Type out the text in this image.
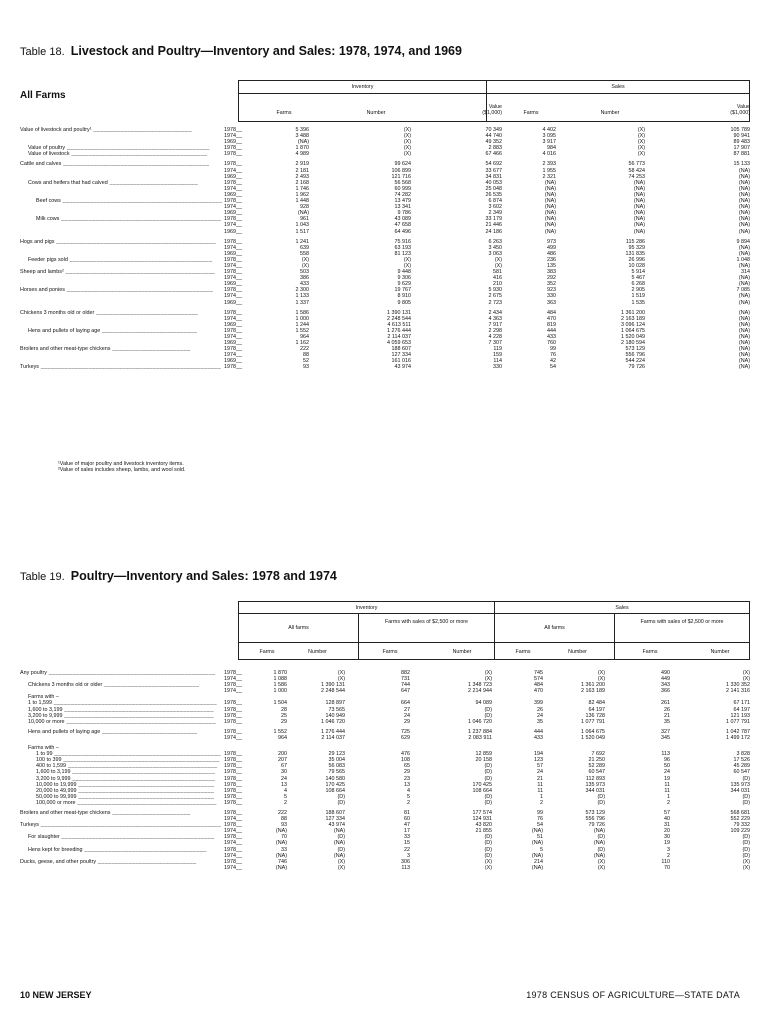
Table 18. Livestock and Poultry—Inventory and Sales: 1978, 1974, and 1969
All Farms
Inventory	Sales
Farms	Number
Value
($1,000)	Farms	Number
Value
($1,000)
Value of livestock and poultry¹ _____________________________	1978__	5 396	(X)	70 349	4 402	(X)	105 789
1974__	3 488	(X)	44 740	3 095	(X)	90 941
1969__	(NA)	(X)	49 352	3 917	(X)	89 483
Value of poultry __________________________________________	1978__	1 870	(X)	2 883	984	(X)	17 907
Value of livestock ________________________________________	1978__	4 989	(X)	67 466	4 016	(X)	87 881
Cattle and calves ___________________________________________	1978__	2 919	99 624	54 692	2 393	56 773	15 133
1974__	2 181	106 899	33 677	1 955	58 424	(NA)
1969__	2 493	121 716	34 831	2 321	74 253	(NA)
Cows and heifers that had calved __________________________	1978__	2 168	56 568	40 053	(NA)	(NA)	(NA)
1974__	1 746	60 999	25 048	(NA)	(NA)	(NA)
1969__	1 962	74 282	26 535	(NA)	(NA)	(NA)
Beef cows _______________________________________________ 1978__	1 448	13 479	6 874	(NA)	(NA)	(NA)
1974__	928	13 341	3 602	(NA)	(NA)	(NA)
1969__	(NA)	9 786	2 349	(NA)	(NA)	(NA)
Milk cows _______________________________________________ 1978__	961	43 089	33 179	(NA)	(NA)	(NA)
1974__	1 043	47 658	21 446	(NA)	(NA)	(NA)
1969__	1 517	64 496	24 186	(NA)	(NA)	(NA)
Hogs and pigs _______________________________________________	1978__	1 241	75 916	6 263	973	115 286	9 894
1974__	639	63 193	3 450	499	95 329	(NA)
1969__	558	81 123	3 063	486	131 835	(NA)
Feeder pigs sold __________________________________________	1978__	(X)	(X)	(X)	236	26 996	1 048
1974__	(X)	(X)	(X)	135	10 028	(NA)
Sheep and lambs² ____________________________________________	1978__	503	9 448	581	383	5 914	314
1974__	386	9 306	416	292	5 467	(NA)
1969__	433	9 629	210	352	6 268	(NA)
Horses and ponies ___________________________________________	1978__	2 300	19 767	5 930	923	2 905	7 085
1974__	1 133	8 910	2 675	330	1 519	(NA)
1969__	1 337	9 805	2 723	363	1 535	(NA)
Chickens 3 months old or older ______________________________	1978__	1 586	1 390 131	2 434	484	1 361 200	(NA)
1974__	1 000	2 248 544	4 363	470	2 163 189	(NA)
1969__	1 244	4 613 511	7 917	819	3 096 124	(NA)
Hens and pullets of laying age ____________________________	1978__	1 552	1 276 444	2 298	444	1 064 675	(NA)
1974__	964	2 114 037	4 228	433	1 520 049	(NA)
1969__	1 162	4 059 653	7 307	760	2 180 594	(NA)
Broilers and other meat-type chickens _______________________	1978__	222	188 607	119	99	573 129	(NA)
1974__	88	127 334	159	76	556 796	(NA)
1969__	52	161 016	114	42	544 224	(NA)
Turkeys _____________________________________________________ 1978__	93	43 974	330	54	79 726	(NA)
¹Value of major poultry and livestock inventory items.
²Value of sales includes sheep, lambs, and wool sold.
Table 19. Poultry—Inventory and Sales: 1978 and 1974
Inventory	Sales
All farms
Farms with sales of $2,500 or more
All farms
Farms with sales of $2,500 or more
Farms	Number	Farms	Number	Farms	Number	Farms	Number
Any poultry _________________________________________________	1978__	1 870	(X)	882	(X)	745	(X)	490	(X)
1974__	1 088	(X)	731	(X)	574	(X)	449	(X)
Chickens 3 months old or older ____________________________	1978__	1 586	1 390 131	744	1 348 723	484	1 361 200	343	1 330 352
1974__	1 000	2 248 544	647	2 214 944	470	2 163 189	366	2 141 316
Farms with –
1 to 1,599 ________________________________________________	1978__	1 504	128 897	664	94 089	399	82 484	261	67 171
1,600 to 3,199 ____________________________________________	1978__	28	73 565	27	(D)	26	64 197	26	64 197
3,200 to 9,999 ____________________________________________	1978__	25	140 949	24	(D)	24	136 728	21	121 193
10,000 or more ____________________________________________	1978__	29	1 046 720	29	1 046 720	35	1 077 791	35	1 077 791
Hens and pullets of laying age ____________________________	1978__	1 552	1 276 444	725	1 237 884	444	1 064 675	327	1 042 787
1974__	964	2 114 037	629	2 083 911	433	1 520 049	345	1 499 172
Farms with –
1 to 99 _________________________________________________ 1978__	200	29 123	476	12 859	194	7 692	113	3 828
100 to 399 ______________________________________________ 1978__	207	35 004	108	20 158	123	21 250	96	17 526
400 to 1,599 ____________________________________________	1978__	67	56 083	65	(D)	57	52 289	50	45 289
1,600 to 3,199 __________________________________________	1978__	30	79 565	29	(D)	24	60 547	24	60 547
3,200 to 9,999 __________________________________________	1978__	24	140 580	23	(D)	21	112 893	19	(D)
10,000 to 19,999 ________________________________________	1978__	13	170 425	13	170 425	11	135 973	11	135 973
20,000 to 49,999 ________________________________________	1978__	4	108 664	4	108 664	11	344 031	11	344 031
50,000 to 99,999 ________________________________________	1978__	5	(D)	5	(D)	1	(D)	1	(D)
100,000 or more _________________________________________	1978__	2	(D)	2	(D)	2	(D)	2	(D)
Broilers and other meat-type chickens _______________________	1978__	222	188 607	81	177 574	99	573 129	57	568 681
1974__	88	127 334	60	124 931	76	556 796	40	552 229
Turkeys _____________________________________________________ 1978__	93	43 974	47	43 820	54	79 726	31	79 332
1974__	(NA)	(NA)	17	21 855	(NA)	(NA)	20	109 229
For slaughter _____________________________________________	1978__	70	(D)	33	(D)	51	(D)	30	(D)
1974__	(NA)	(NA)	15	(D)	(NA)	(NA)	19	(D)
Hens kept for breeding ____________________________________	1978__	33	(D)	22	(D)	5	(D)	3	(D)
1974__	(NA)	(NA)	3	(D)	(NA)	(NA)	2	(D)
Ducks, geese, and other poultry _____________________________	1978__	746	(X)	306	(X)	214	(X)	110	(X)
1974__	(NA)	(X)	113	(X)	(NA)	(X)	70	(X)
10 NEW JERSEY	1978 CENSUS OF AGRICULTURE—STATE DATA
